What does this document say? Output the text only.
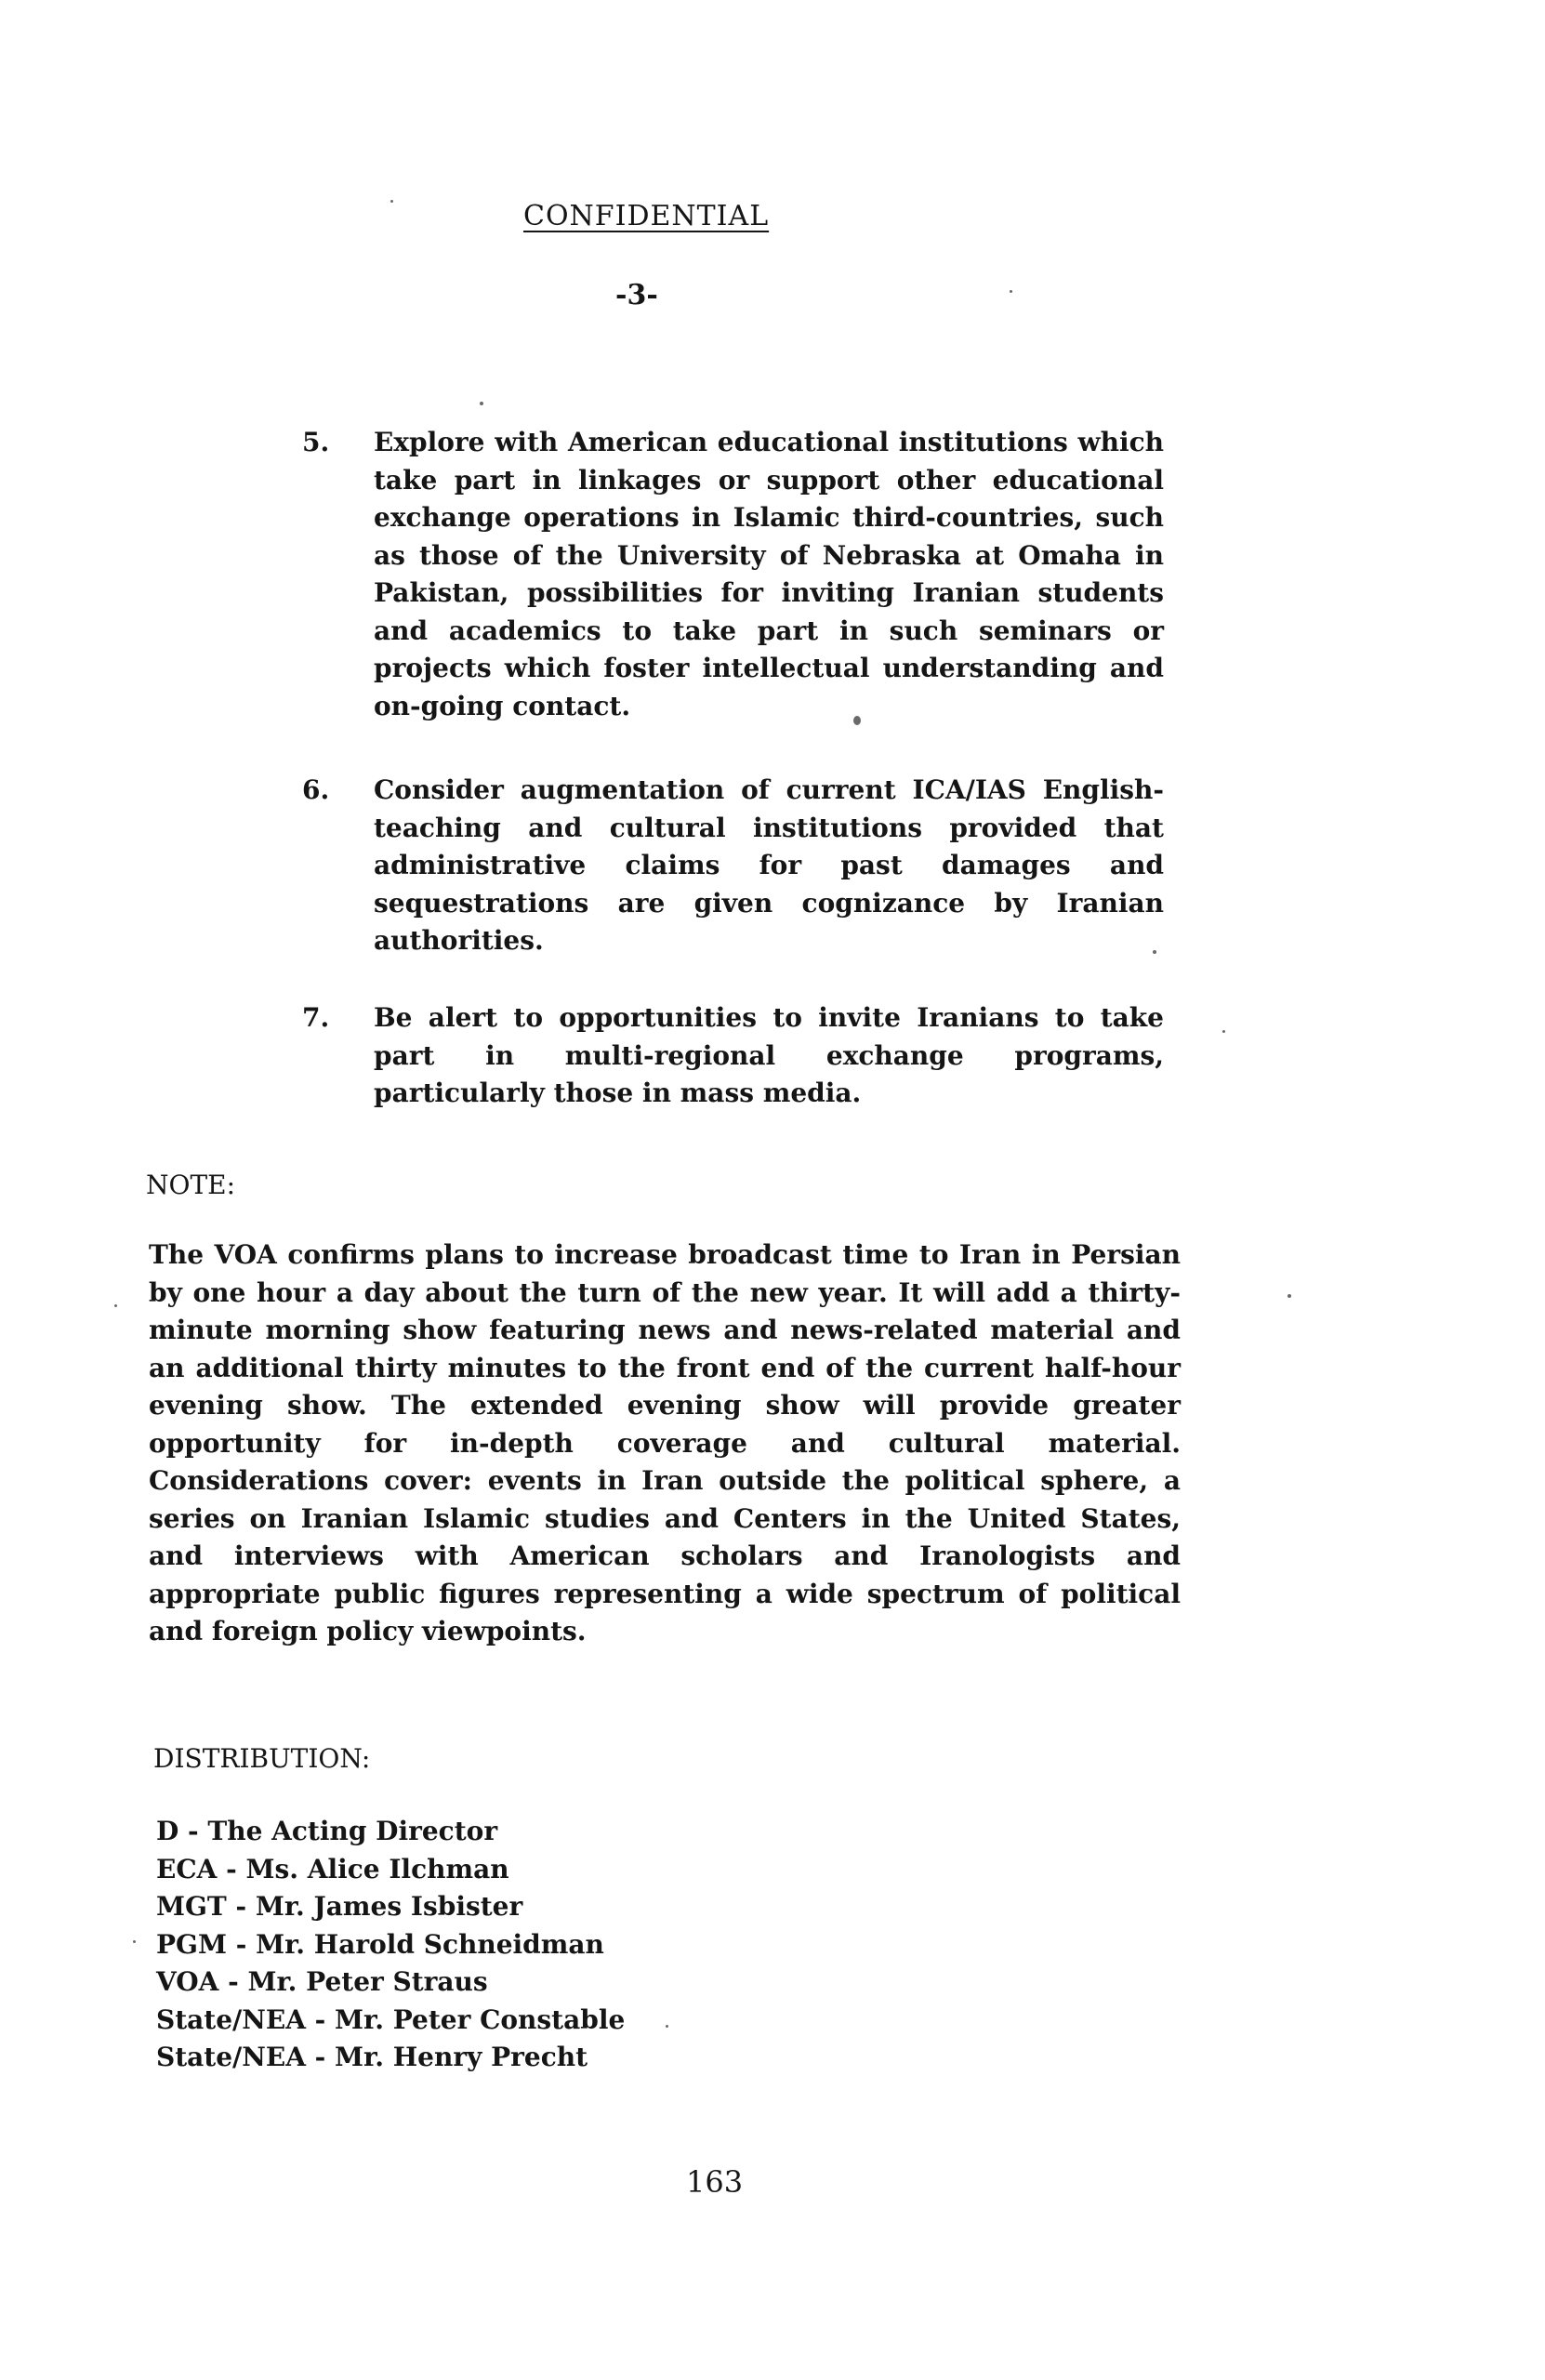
CONFIDENTIAL
-3-
5. Explore with American educational institutions which take part in linkages or support other educational exchange operations in Islamic third-countries, such as those of the University of Nebraska at Omaha in Pakistan, possibilities for inviting Iranian students and academics to take part in such seminars or projects which foster intellectual understanding and on-going contact.
6. Consider augmentation of current ICA/IAS English-teaching and cultural institutions provided that administrative claims for past damages and sequestrations are given cognizance by Iranian authorities.
7. Be alert to opportunities to invite Iranians to take part in multi-regional exchange programs, particularly those in mass media.
NOTE:
The VOA confirms plans to increase broadcast time to Iran in Persian by one hour a day about the turn of the new year. It will add a thirty-minute morning show featuring news and news-related material and an additional thirty minutes to the front end of the current half-hour evening show. The extended evening show will provide greater opportunity for in-depth coverage and cultural material. Considerations cover: events in Iran outside the political sphere, a series on Iranian Islamic studies and Centers in the United States, and interviews with American scholars and Iranologists and appropriate public figures representing a wide spectrum of political and foreign policy viewpoints.
DISTRIBUTION:
D - The Acting Director
ECA - Ms. Alice Ilchman
MGT - Mr. James Isbister
PGM - Mr. Harold Schneidman
VOA - Mr. Peter Straus
State/NEA - Mr. Peter Constable
State/NEA - Mr. Henry Precht
163
